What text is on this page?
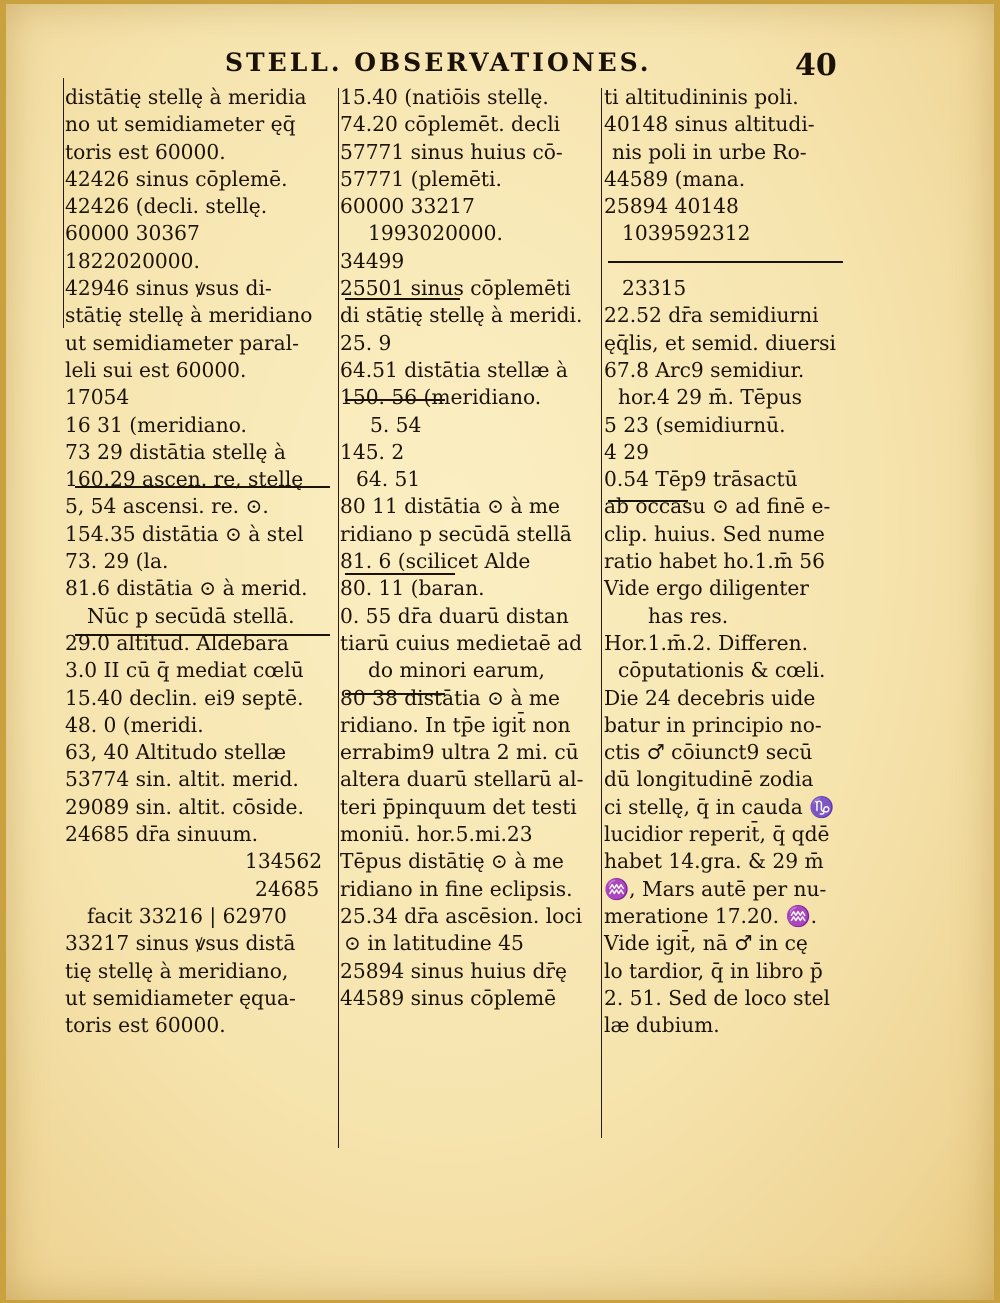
STELL. OBSERVATIONES.	40
distātię stellę à meridia
no ut semidiameter ęq̄
toris est 60000.
42426 sinus cōplemē.
42426 (decli. stellę.
60000 30367
1822020000.
42946 sinus ꝟsus di-
stātię stellę à meridiano
ut semidiameter paral-
leli sui est 60000.
17054
16 31 (meridiano.
73 29 distātia stellę à
160.29 ascen. re, stellę
5, 54 ascensi. re. ⊙.
154.35 distātia ⊙ à stel
73. 29 (la.
81.6 distātia ⊙ à merid.
Nūc p secūdā stellā.
29.0 altitud. Aldebarā
3.0 II cū q̄ mediat cœlū
15.40 declin. ei9 septē.
48. 0 (meridi.
63, 40 Altitudo stellæ
53774 sin. altit. merid.
29089 sin. altit. cōside.
24685 dr̄a sinuum.
134562
24685
facit 33216 | 62970
33217 sinus ꝟsus distā
tię stellę à meridiano,
ut semidiameter ęqua-
toris est 60000.
15.40 (natiōis stellę.
74.20 cōplemēt. decli
57771 sinus huius cō-
57771 (plemēti.
60000 33217
1993020000.
34499
25501 sinus cōplemēti
di stātię stellę à meridi.
25. 9
64.51 distātia stellæ à
150. 56 (meridiano.
5. 54
145. 2
64. 51
80 11 distātia ⊙ à me
ridiano p secūdā stellā
81. 6 (scilicet Alde
80. 11 (baran.
0. 55 dr̄a duarū distan
tiarū cuius medietaē ad
do minori earum,
80 38 distātia ⊙ à me
ridiano. In tp̄e igit̄ non
errabim9 ultra 2 mi. cū
altera duarū stellarū al-
teri p̄pinquum det testi
moniū. hor.5.mi.23
Tēpus distātię ⊙ à me
ridiano in fine eclipsis.
25.34 dr̄a ascēsion. loci
⊙ in latitudine 45
25894 sinus huius dr̄ę
44589 sinus cōplemē
ti altitudininis poli.
40148 sinus altitudi-
nis poli in urbe Ro-
44589 (mana.
25894 40148
1039592312
23315
22.52 dr̄a semidiurni
ęq̄lis, et semid. diuersi
67.8 Arc9 semidiur.
hor.4 29 m̄. Tēpus
5 23 (semidiurnū.
4 29
0.54 Tēp9 trāsactū
ab occasu ⊙ ad finē e-
clip. huius. Sed nume
ratio habet ho.1.m̄ 56
Vide ergo diligenter
has res.
Hor.1.m̄.2. Differen.
cōputationis & cœli.
Die 24 decebris uide
batur in principio no-
ctis ♂ cōiunct9 secū
dū longitudinē zodia
ci stellę, q̄ in cauda ♑
lucidior reperit̄, q̄ qdē
habet 14.gra. & 29 m̄
♒, Mars autē per nu-
meratione 17.20. ♒.
Vide igit̄, nā ♂ in cę
lo tardior, q̄ in libro p̄
2. 51. Sed de loco stel
læ dubium.
